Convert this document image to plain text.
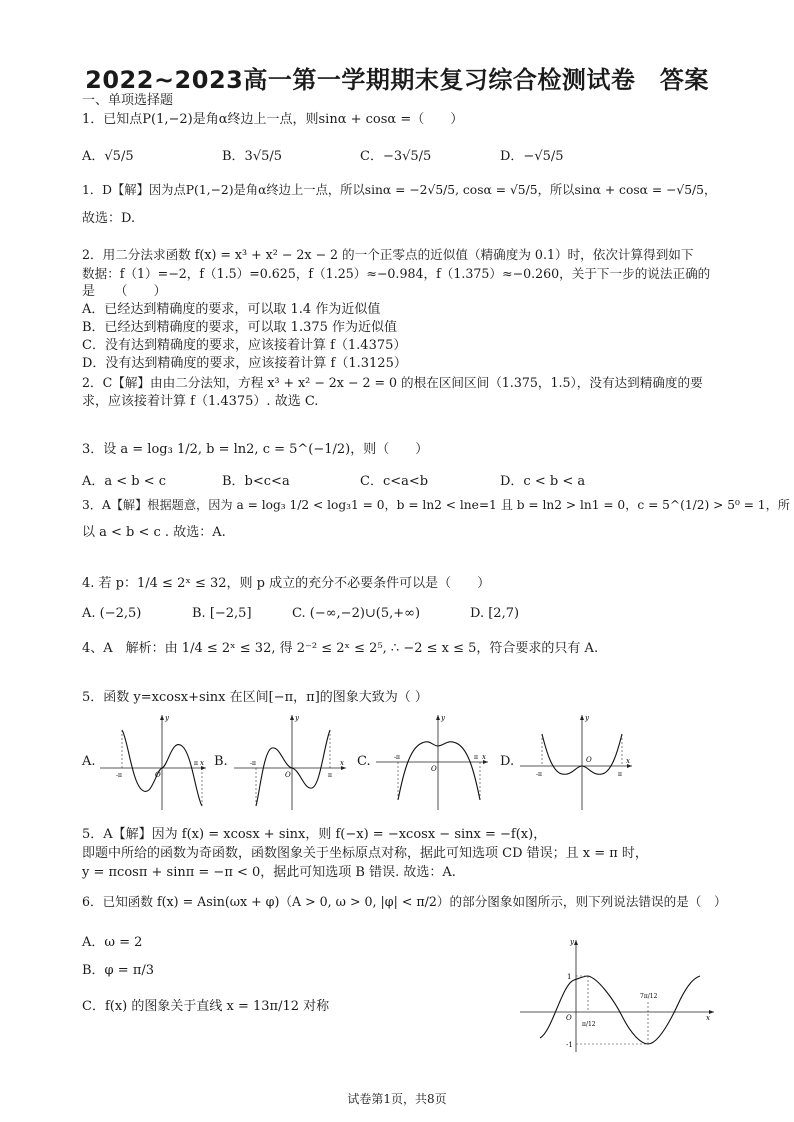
2022~2023高一第一学期期末复习综合检测试卷　答案
一、单项选择题
1．已知点P(1,−2)是角α终边上一点，则sinα + cosα =（　　）
A．√5/5	B．3√5/5	C．−3√5/5	D．−√5/5
1．D【解】因为点P(1,−2)是角α终边上一点，所以sinα = −2√5/5, cosα = √5/5，所以sinα + cosα = −√5/5，
故选：D.
2．用二分法求函数 f(x) = x³ + x² − 2x − 2 的一个正零点的近似值（精确度为 0.1）时，依次计算得到如下
数据：f（1）=−2，f（1.5）=0.625，f（1.25）≈−0.984，f（1.375）≈−0.260，关于下一步的说法正确的
是　　（　　）
A．已经达到精确度的要求，可以取 1.4 作为近似值
B．已经达到精确度的要求，可以取 1.375 作为近似值
C．没有达到精确度的要求，应该接着计算 f（1.4375）
D．没有达到精确度的要求，应该接着计算 f（1.3125）
2．C【解】由由二分法知，方程 x³ + x² − 2x − 2 = 0 的根在区间区间（1.375，1.5），没有达到精确度的要
求，应该接着计算 f（1.4375）. 故选 C.
3．设 a = log₃ 1/2, b = ln2, c = 5^(−1/2)，则（　　）
A．a < b < c	B．b<c<a	C．c<a<b	D．c < b < a
3．A【解】根据题意，因为 a = log₃ 1/2 < log₃1 = 0，b = ln2 < lne=1 且 b = ln2 > ln1 = 0，c = 5^(1/2) > 5⁰ = 1，所
以 a < b < c . 故选：A.
4. 若 p：1/4 ≤ 2ˣ ≤ 32，则 p 成立的充分不必要条件可以是（　　）
A. (−2,5)	B. [−2,5]	C. (−∞,−2)∪(5,+∞)	D. [2,7)
4、A　解析：由 1/4 ≤ 2ˣ ≤ 32, 得 2⁻² ≤ 2ˣ ≤ 2⁵, ∴ −2 ≤ x ≤ 5，符合要求的只有 A.
5．函数 y=xcosx+sinx 在区间[−π，π]的图象大致为（ ）
A.	B.	C.	D.
y
x
O
-π
π
y
x
O
-π
π
y
x
O
-π	π
y
x
O
-π	π
5．A【解】因为 f(x) = xcosx + sinx，则 f(−x) = −xcosx − sinx = −f(x)，
即题中所给的函数为奇函数，函数图象关于坐标原点对称，据此可知选项 CD 错误；且 x = π 时，
y = πcosπ + sinπ = −π < 0，据此可知选项 B 错误. 故选：A.
6．已知函数 f(x) = Asin(ωx + φ)（A > 0, ω > 0, |φ| < π/2）的部分图象如图所示，则下列说法错误的是（　）
A．ω = 2
B．φ = π/3
C．f(x) 的图象关于直线 x = 13π/12 对称
y
x
O
1
-1
π/12
7π/12
试卷第1页，共8页
